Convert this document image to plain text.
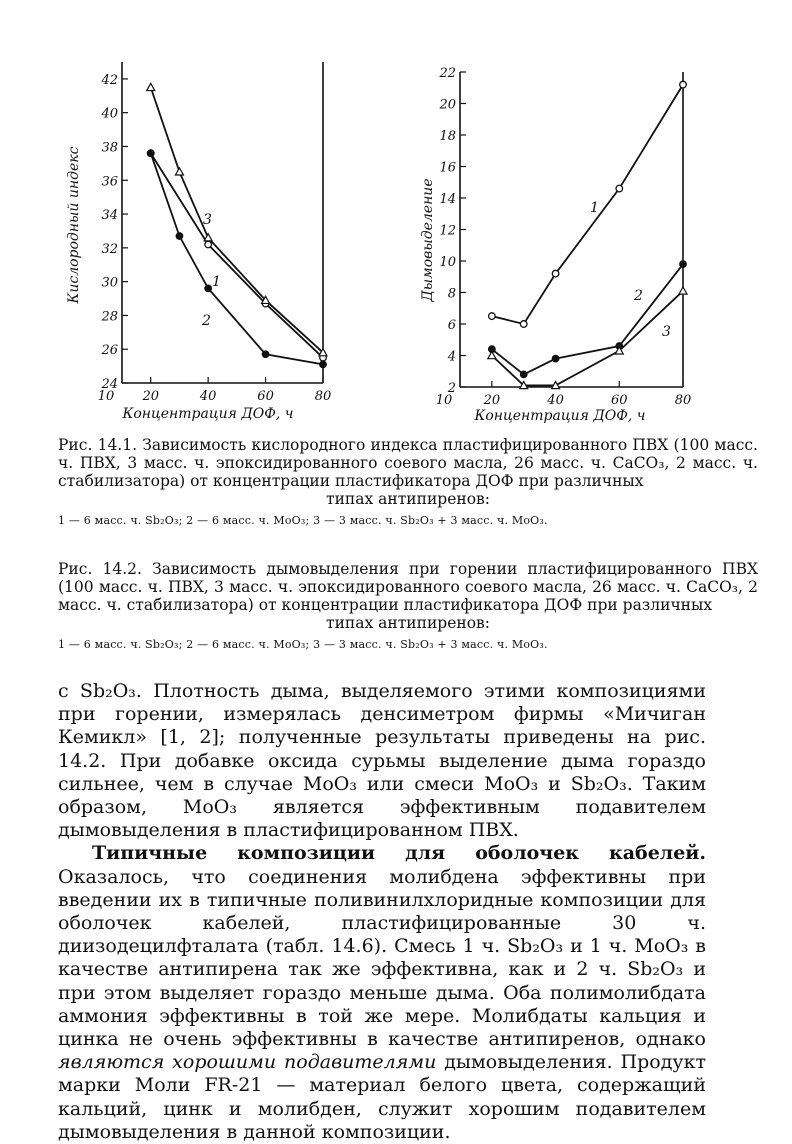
24
26
28
30
32
34
36
38
40
42
10 20	40	60	80
Кислородный индекс
Концентрация ДОФ, ч
1
2
3
2
4
6
8
10
12
14
16
18
20
22
10 20	40	60	80
Дымовыделение
Концентрация ДОФ, ч
1
2
3
Рис. 14.1. Зависимость кислородного индекса пластифицированного ПВХ (100 масс. ч. ПВХ, 3 масс. ч. эпоксидированного соевого масла, 26 масс. ч. CaCO₃, 2 масс. ч. стабилизатора) от концентрации пластификатора ДОФ при различных
типах антипиренов:
1 — 6 масс. ч. Sb₂O₃; 2 — 6 масс. ч. MoO₃; 3 — 3 масс. ч. Sb₂O₃ + 3 масс. ч. MoO₃.
Рис. 14.2. Зависимость дымовыделения при горении пластифицированного ПВХ (100 масс. ч. ПВХ, 3 масс. ч. эпоксидированного соевого масла, 26 масс. ч. CaCO₃, 2 масс. ч. стабилизатора) от концентрации пластификатора ДОФ при различных
типах антипиренов:
1 — 6 масс. ч. Sb₂O₃; 2 — 6 масс. ч. MoO₃; 3 — 3 масс. ч. Sb₂O₃ + 3 масс. ч. MoO₃.

с Sb₂O₃. Плотность дыма, выделяемого этими композициями при горении, измерялась денсиметром фирмы «Мичиган Кемикл» [1, 2]; полученные результаты приведены на рис. 14.2. При добавке оксида сурьмы выделение дыма гораздо сильнее, чем в случае MoO₃ или смеси MoO₃ и Sb₂O₃. Таким образом, MoO₃ является эффективным подавителем дымовыделения в пластифицированном ПВХ.

Типичные композиции для оболочек кабелей. Оказалось, что соединения молибдена эффективны при введении их в типичные поливинилхлоридные композиции для оболочек кабелей, пластифицированные 30 ч. диизодецилфталата (табл. 14.6). Смесь 1 ч. Sb₂O₃ и 1 ч. MoO₃ в качестве антипирена так же эффективна, как и 2 ч. Sb₂O₃ и при этом выделяет гораздо меньше дыма. Оба полимолибдата аммония эффективны в той же мере. Молибдаты кальция и цинка не очень эффективны в качестве антипиренов, однако являются хорошими подавителями дымовыделения. Продукт марки Моли FR-21 — материал белого цвета, содержащий кальций, цинк и молибден, служит хорошим подавителем дымовыделения в данной композиции.
